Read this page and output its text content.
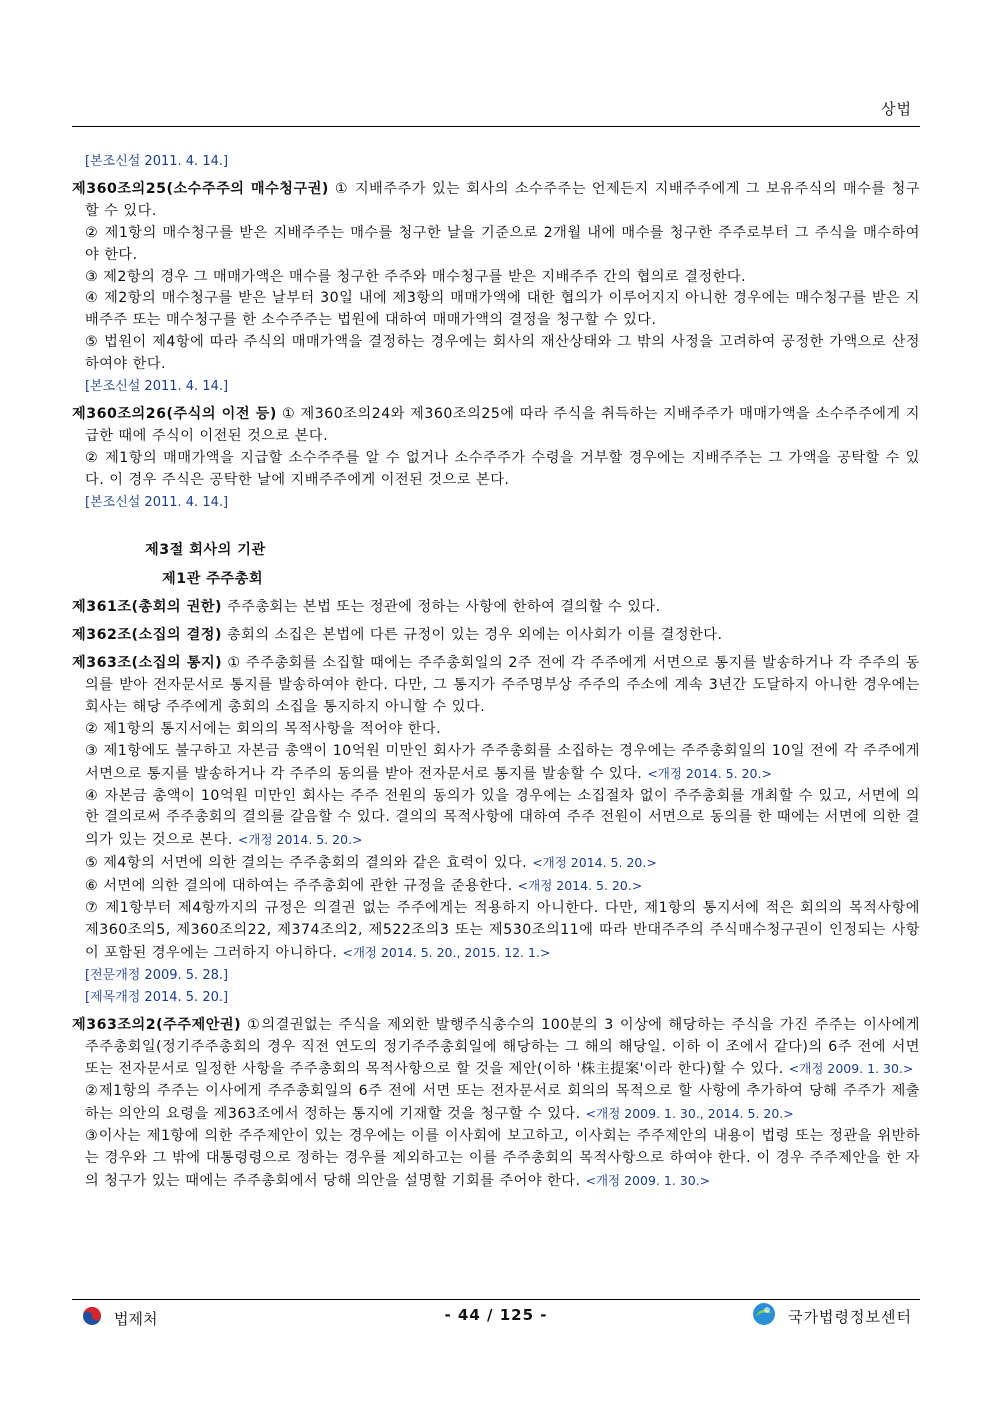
상법
[본조신설 2011. 4. 14.]
제360조의25(소수주주의 매수청구권) ① 지배주주가 있는 회사의 소수주주는 언제든지 지배주주에게 그 보유주식의 매수를 청구할 수 있다.
② 제1항의 매수청구를 받은 지배주주는 매수를 청구한 날을 기준으로 2개월 내에 매수를 청구한 주주로부터 그 주식을 매수하여야 한다.
③ 제2항의 경우 그 매매가액은 매수를 청구한 주주와 매수청구를 받은 지배주주 간의 협의로 결정한다.
④ 제2항의 매수청구를 받은 날부터 30일 내에 제3항의 매매가액에 대한 협의가 이루어지지 아니한 경우에는 매수청구를 받은 지배주주 또는 매수청구를 한 소수주주는 법원에 대하여 매매가액의 결정을 청구할 수 있다.
⑤ 법원이 제4항에 따라 주식의 매매가액을 결정하는 경우에는 회사의 재산상태와 그 밖의 사정을 고려하여 공정한 가액으로 산정하여야 한다.
[본조신설 2011. 4. 14.]
제360조의26(주식의 이전 등) ① 제360조의24와 제360조의25에 따라 주식을 취득하는 지배주주가 매매가액을 소수주주에게 지급한 때에 주식이 이전된 것으로 본다.
② 제1항의 매매가액을 지급할 소수주주를 알 수 없거나 소수주주가 수령을 거부할 경우에는 지배주주는 그 가액을 공탁할 수 있다. 이 경우 주식은 공탁한 날에 지배주주에게 이전된 것으로 본다.
[본조신설 2011. 4. 14.]
제3절 회사의 기관
제1관 주주총회
제361조(총회의 권한) 주주총회는 본법 또는 정관에 정하는 사항에 한하여 결의할 수 있다.
제362조(소집의 결정) 총회의 소집은 본법에 다른 규정이 있는 경우 외에는 이사회가 이를 결정한다.
제363조(소집의 통지) ① 주주총회를 소집할 때에는 주주총회일의 2주 전에 각 주주에게 서면으로 통지를 발송하거나 각 주주의 동의를 받아 전자문서로 통지를 발송하여야 한다. 다만, 그 통지가 주주명부상 주주의 주소에 계속 3년간 도달하지 아니한 경우에는 회사는 해당 주주에게 총회의 소집을 통지하지 아니할 수 있다.
② 제1항의 통지서에는 회의의 목적사항을 적어야 한다.
③ 제1항에도 불구하고 자본금 총액이 10억원 미만인 회사가 주주총회를 소집하는 경우에는 주주총회일의 10일 전에 각 주주에게 서면으로 통지를 발송하거나 각 주주의 동의를 받아 전자문서로 통지를 발송할 수 있다. <개정 2014. 5. 20.>
④ 자본금 총액이 10억원 미만인 회사는 주주 전원의 동의가 있을 경우에는 소집절차 없이 주주총회를 개최할 수 있고, 서면에 의한 결의로써 주주총회의 결의를 갈음할 수 있다. 결의의 목적사항에 대하여 주주 전원이 서면으로 동의를 한 때에는 서면에 의한 결의가 있는 것으로 본다. <개정 2014. 5. 20.>
⑤ 제4항의 서면에 의한 결의는 주주총회의 결의와 같은 효력이 있다. <개정 2014. 5. 20.>
⑥ 서면에 의한 결의에 대하여는 주주총회에 관한 규정을 준용한다. <개정 2014. 5. 20.>
⑦ 제1항부터 제4항까지의 규정은 의결권 없는 주주에게는 적용하지 아니한다. 다만, 제1항의 통지서에 적은 회의의 목적사항에 제360조의5, 제360조의22, 제374조의2, 제522조의3 또는 제530조의11에 따라 반대주주의 주식매수청구권이 인정되는 사항이 포함된 경우에는 그러하지 아니하다. <개정 2014. 5. 20., 2015. 12. 1.>
[전문개정 2009. 5. 28.]
[제목개정 2014. 5. 20.]
제363조의2(주주제안권) ①의결권없는 주식을 제외한 발행주식총수의 100분의 3 이상에 해당하는 주식을 가진 주주는 이사에게 주주총회일(정기주주총회의 경우 직전 연도의 정기주주총회일에 해당하는 그 해의 해당일. 이하 이 조에서 같다)의 6주 전에 서면 또는 전자문서로 일정한 사항을 주주총회의 목적사항으로 할 것을 제안(이하 '株主提案'이라 한다)할 수 있다. <개정 2009. 1. 30.>
②제1항의 주주는 이사에게 주주총회일의 6주 전에 서면 또는 전자문서로 회의의 목적으로 할 사항에 추가하여 당해 주주가 제출하는 의안의 요령을 제363조에서 정하는 통지에 기재할 것을 청구할 수 있다. <개정 2009. 1. 30., 2014. 5. 20.>
③이사는 제1항에 의한 주주제안이 있는 경우에는 이를 이사회에 보고하고, 이사회는 주주제안의 내용이 법령 또는 정관을 위반하는 경우와 그 밖에 대통령령으로 정하는 경우를 제외하고는 이를 주주총회의 목적사항으로 하여야 한다. 이 경우 주주제안을 한 자의 청구가 있는 때에는 주주총회에서 당해 의안을 설명할 기회를 주어야 한다. <개정 2009. 1. 30.>
법제처	- 44 / 125 -	국가법령정보센터
